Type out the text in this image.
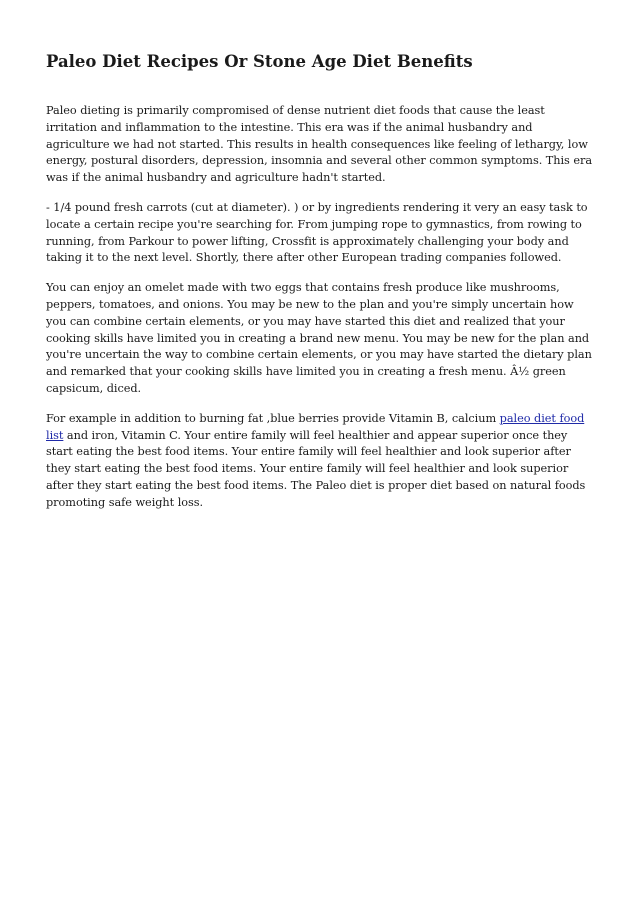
Paleo Diet Recipes Or Stone Age Diet Benefits

Paleo dieting is primarily compromised of dense nutrient diet foods that cause the least irritation and inflammation to the intestine. This era was if the animal husbandry and agriculture we had not started. This results in health consequences like feeling of lethargy, low energy, postural disorders, depression, insomnia and several other common symptoms. This era was if the animal husbandry and agriculture hadn't started.

- 1/4 pound fresh carrots (cut at diameter). ) or by ingredients rendering it very an easy task to locate a certain recipe you're searching for. From jumping rope to gymnastics, from rowing to running, from Parkour to power lifting, Crossfit is approximately challenging your body and taking it to the next level. Shortly, there after other European trading companies followed.

You can enjoy an omelet made with two eggs that contains fresh produce like mushrooms, peppers, tomatoes, and onions. You may be new to the plan and you're simply uncertain how you can combine certain elements, or you may have started this diet and realized that your cooking skills have limited you in creating a brand new menu. You may be new for the plan and you're uncertain the way to combine certain elements, or you may have started the dietary plan and remarked that your cooking skills have limited you in creating a fresh menu. Â½ green capsicum, diced.

For example in addition to burning fat ,blue berries provide Vitamin B, calcium paleo diet food list and iron, Vitamin C. Your entire family will feel healthier and appear superior once they start eating the best food items. Your entire family will feel healthier and look superior after they start eating the best food items. Your entire family will feel healthier and look superior after they start eating the best food items. The Paleo diet is proper diet based on natural foods promoting safe weight loss.
